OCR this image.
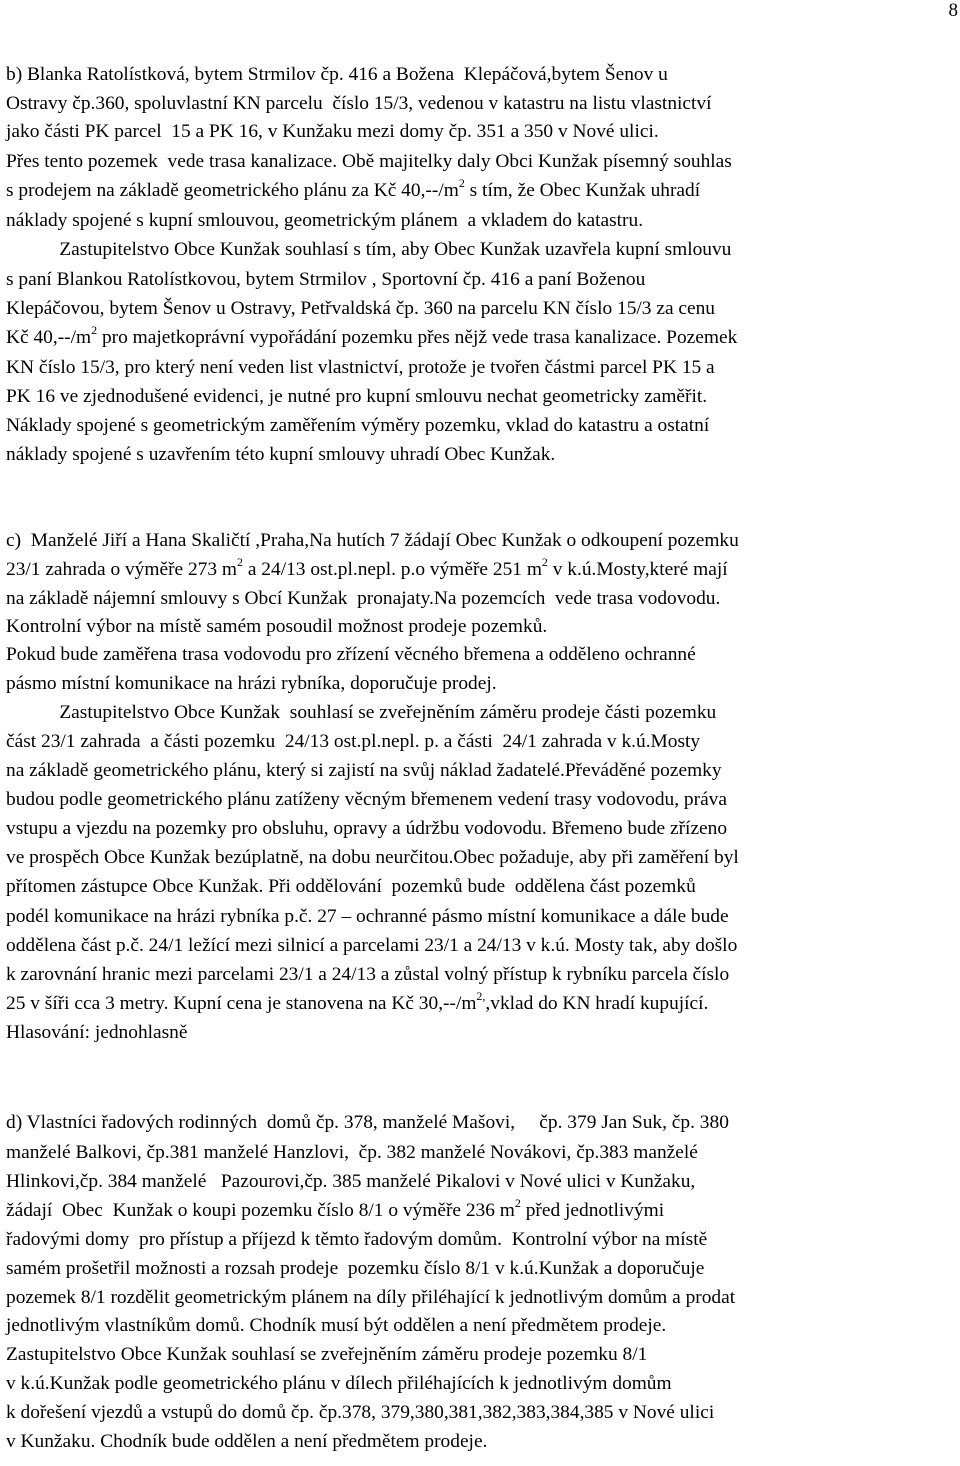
8
b) Blanka Ratolístková, bytem Strmilov čp. 416 a Božena  Klepáčová,bytem Šenov u
Ostravy čp.360, spoluvlastní KN parcelu  číslo 15/3, vedenou v katastru na listu vlastnictví
jako části PK parcel  15 a PK 16, v Kunžaku mezi domy čp. 351 a 350 v Nové ulici.
Přes tento pozemek  vede trasa kanalizace. Obě majitelky daly Obci Kunžak písemný souhlas
s prodejem na základě geometrického plánu za Kč $40,--/m^2$ s tím, že Obec Kunžak uhradí
náklady spojené s kupní smlouvou, geometrickým plánem  a vkladem do katastru.
Zastupitelstvo Obce Kunžak souhlasí s tím, aby Obec Kunžak uzavřela kupní smlouvu
s paní Blankou Ratolístkovou, bytem Strmilov , Sportovní čp. 416 a paní Boženou
Klepáčovou, bytem Šenov u Ostravy, Petřvaldská čp. 360 na parcelu KN číslo 15/3 za cenu
Kč $40,--/m^2$ pro majetkoprávní vypořádání pozemku přes nějž vede trasa kanalizace. Pozemek
KN číslo 15/3, pro který není veden list vlastnictví, protože je tvořen částmi parcel PK 15 a
PK 16 ve zjednodušené evidenci, je nutné pro kupní smlouvu nechat geometricky zaměřit.
Náklady spojené s geometrickým zaměřením výměry pozemku, vklad do katastru a ostatní
náklady spojené s uzavřením této kupní smlouvy uhradí Obec Kunžak.
c)  Manželé Jiří a Hana Skaličtí ,Praha,Na hutích 7 žádají Obec Kunžak o odkoupení pozemku
23/1 zahrada o výměře 273 $m^2$ a 24/13 ost.pl.nepl. p.o výměře 251 $m^2$ v k.ú.Mosty,které mají
na základě nájemní smlouvy s Obcí Kunžak  pronajaty.Na pozemcích  vede trasa vodovodu.
Kontrolní výbor na místě samém posoudil možnost prodeje pozemků.
Pokud bude zaměřena trasa vodovodu pro zřízení věcného břemena a odděleno ochranné
pásmo místní komunikace na hrázi rybníka, doporučuje prodej.
Zastupitelstvo Obce Kunžak  souhlasí se zveřejněním záměru prodeje části pozemku
část 23/1 zahrada  a části pozemku  24/13 ost.pl.nepl. p. a části  24/1 zahrada v k.ú.Mosty
na základě geometrického plánu, který si zajistí na svůj náklad žadatelé.Převáděné pozemky
budou podle geometrického plánu zatíženy věcným břemenem vedení trasy vodovodu, práva
vstupu a vjezdu na pozemky pro obsluhu, opravy a údržbu vodovodu. Břemeno bude zřízeno
ve prospěch Obce Kunžak bezúplatně, na dobu neurčitou.Obec požaduje, aby při zaměření byl
přítomen zástupce Obce Kunžak. Při oddělování  pozemků bude  oddělena část pozemků
podél komunikace na hrázi rybníka p.č. 27 – ochranné pásmo místní komunikace a dále bude
oddělena část p.č. 24/1 ležící mezi silnicí a parcelami 23/1 a 24/13 v k.ú. Mosty tak, aby došlo
k zarovnání hranic mezi parcelami 23/1 a 24/13 a zůstal volný přístup k rybníku parcela číslo
25 v šíři cca 3 metry. Kupní cena je stanovena na Kč $30,--/m^{2,},vklad$ do KN hradí kupující.
Hlasování: jednohlasně
d) Vlastníci řadových rodinných  domů čp. 378, manželé Mašovi,     čp. 379 Jan Suk, čp. 380
manželé Balkovi, čp.381 manželé Hanzlovi,  čp. 382 manželé Novákovi, čp.383 manželé
Hlinkovi,čp. 384 manželé   Pazourovi,čp. 385 manželé Pikalovi v Nové ulici v Kunžaku,
žádají  Obec  Kunžak o koupi pozemku číslo 8/1 o výměře 236 $m^2$ před jednotlivými
řadovými domy  pro přístup a příjezd k těmto řadovým domům.  Kontrolní výbor na místě
samém prošetřil možnosti a rozsah prodeje  pozemku číslo 8/1 v k.ú.Kunžak a doporučuje
pozemek 8/1 rozdělit geometrickým plánem na díly přiléhající k jednotlivým domům a prodat
jednotlivým vlastníkům domů. Chodník musí být oddělen a není předmětem prodeje.
Zastupitelstvo Obce Kunžak souhlasí se zveřejněním záměru prodeje pozemku 8/1
v k.ú.Kunžak podle geometrického plánu v dílech přiléhajících k jednotlivým domům
k dořešení vjezdů a vstupů do domů čp. čp.378, 379,380,381,382,383,384,385 v Nové ulici
v Kunžaku. Chodník bude oddělen a není předmětem prodeje.
